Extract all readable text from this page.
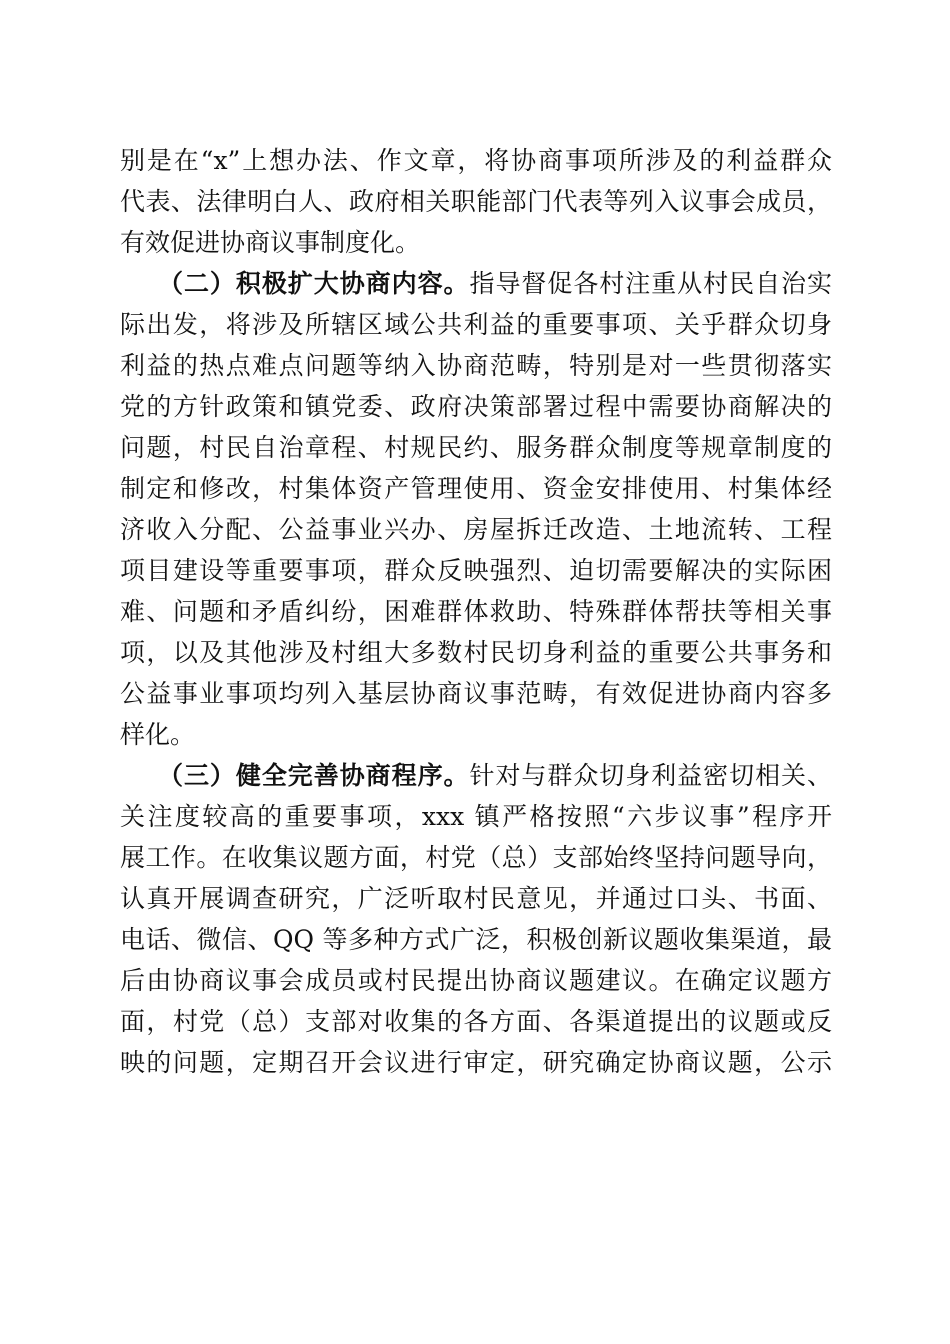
别是在“x”上想办法、作文章，将协商事项所涉及的利益群众
代表、法律明白人、政府相关职能部门代表等列入议事会成员，
有效促进协商议事制度化。
（二）积极扩大协商内容。指导督促各村注重从村民自治实
际出发，将涉及所辖区域公共利益的重要事项、关乎群众切身
利益的热点难点问题等纳入协商范畴，特别是对一些贯彻落实
党的方针政策和镇党委、政府决策部署过程中需要协商解决的
问题，村民自治章程、村规民约、服务群众制度等规章制度的
制定和修改，村集体资产管理使用、资金安排使用、村集体经
济收入分配、公益事业兴办、房屋拆迁改造、土地流转、工程
项目建设等重要事项，群众反映强烈、迫切需要解决的实际困
难、问题和矛盾纠纷，困难群体救助、特殊群体帮扶等相关事
项，以及其他涉及村组大多数村民切身利益的重要公共事务和
公益事业事项均列入基层协商议事范畴，有效促进协商内容多
样化。
（三）健全完善协商程序。针对与群众切身利益密切相关、
关注度较高的重要事项，xxx 镇严格按照“六步议事”程序开
展工作。在收集议题方面，村党（总）支部始终坚持问题导向，
认真开展调查研究，广泛听取村民意见，并通过口头、书面、
电话、微信、QQ 等多种方式广泛，积极创新议题收集渠道，最
后由协商议事会成员或村民提出协商议题建议。在确定议题方
面，村党（总）支部对收集的各方面、各渠道提出的议题或反
映的问题，定期召开会议进行审定，研究确定协商议题，公示
